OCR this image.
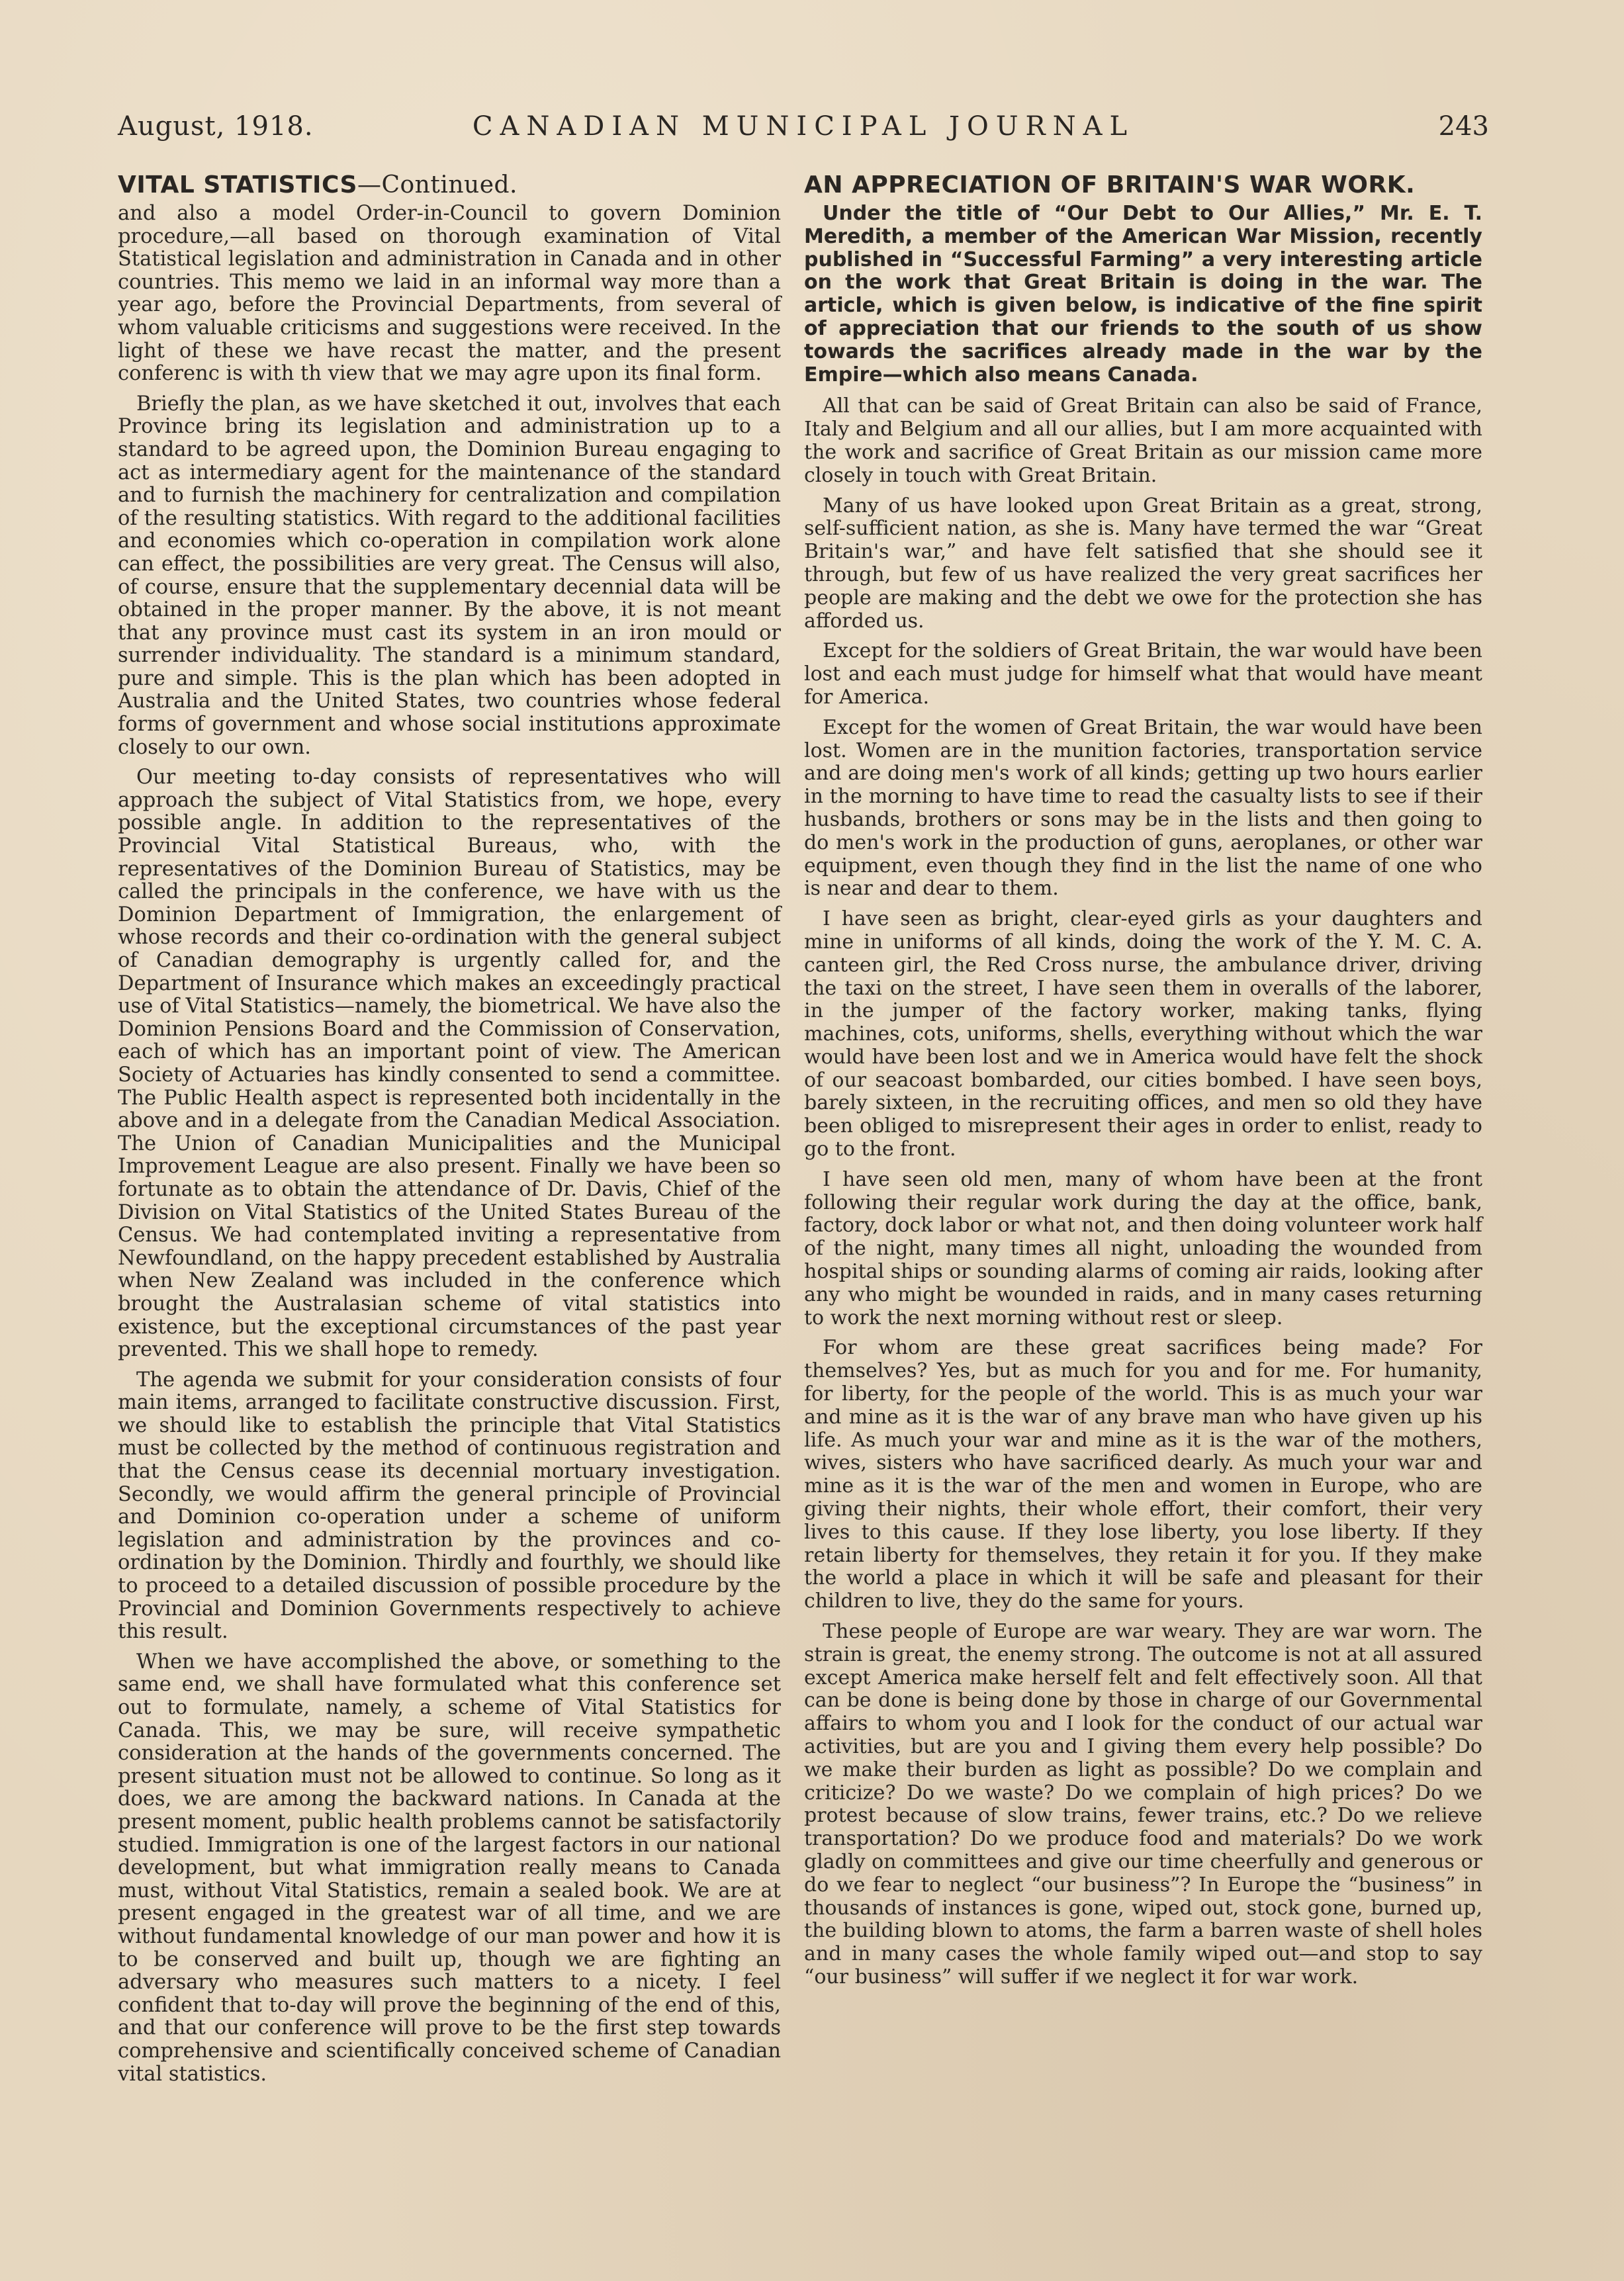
August, 1918.	CANADIAN MUNICIPAL JOURNAL	243
VITAL STATISTICS—Continued.

and also a model Order-in-Council to govern Dominion procedure,—all based on thorough examination of Vital Statistical legislation and administration in Canada and in other countries. This memo we laid in an informal way more than a year ago, before the Provincial Departments, from several of whom valuable criticisms and suggestions were received. In the light of these we have recast the matter, and the present conferenc is with th view that we may agre upon its final form.

Briefly the plan, as we have sketched it out, involves that each Province bring its legislation and administration up to a standard to be agreed upon, the Dominion Bureau engaging to act as intermediary agent for the maintenance of the standard and to furnish the machinery for centralization and compilation of the resulting statistics. With regard to the additional facilities and economies which co-operation in compilation work alone can effect, the possibilities are very great. The Census will also, of course, ensure that the supplementary decennial data will be obtained in the proper manner. By the above, it is not meant that any province must cast its system in an iron mould or surrender individuality. The standard is a minimum standard, pure and simple. This is the plan which has been adopted in Australia and the United States, two countries whose federal forms of government and whose social institutions approximate closely to our own.

Our meeting to-day consists of representatives who will approach the subject of Vital Statistics from, we hope, every possible angle. In addition to the representatives of the Provincial Vital Statistical Bureaus, who, with the representatives of the Dominion Bureau of Statistics, may be called the principals in the conference, we have with us the Dominion Department of Immigration, the enlargement of whose records and their co-ordination with the general subject of Canadian demography is urgently called for, and the Department of Insurance which makes an exceedingly practical use of Vital Statistics—namely, the biometrical. We have also the Dominion Pensions Board and the Commission of Conservation, each of which has an important point of view. The American Society of Actuaries has kindly consented to send a committee. The Public Health aspect is represented both incidentally in the above and in a delegate from the Canadian Medical Association. The Union of Canadian Municipalities and the Municipal Improvement League are also present. Finally we have been so fortunate as to obtain the attendance of Dr. Davis, Chief of the Division on Vital Statistics of the United States Bureau of the Census. We had contemplated inviting a representative from Newfoundland, on the happy precedent established by Australia when New Zealand was included in the conference which brought the Australasian scheme of vital statistics into existence, but the exceptional circumstances of the past year prevented. This we shall hope to remedy.

The agenda we submit for your consideration consists of four main items, arranged to facilitate constructive discussion. First, we should like to establish the principle that Vital Statistics must be collected by the method of continuous registration and that the Census cease its decennial mortuary investigation. Secondly, we would affirm the general principle of Provincial and Dominion co-operation under a scheme of uniform legislation and administration by the provinces and co-ordination by the Dominion. Thirdly and fourthly, we should like to proceed to a detailed discussion of possible procedure by the Provincial and Dominion Governments respectively to achieve this result.

When we have accomplished the above, or something to the same end, we shall have formulated what this conference set out to formulate, namely, a scheme of Vital Statistics for Canada. This, we may be sure, will receive sympathetic consideration at the hands of the governments concerned. The present situation must not be allowed to continue. So long as it does, we are among the backward nations. In Canada at the present moment, public health problems cannot be satisfactorily studied. Immigration is one of the largest factors in our national development, but what immigration really means to Canada must, without Vital Statistics, remain a sealed book. We are at present engaged in the greatest war of all time, and we are without fundamental knowledge of our man power and how it is to be conserved and built up, though we are fighting an adversary who measures such matters to a nicety. I feel confident that to-day will prove the beginning of the end of this, and that our conference will prove to be the first step towards comprehensive and scientifically conceived scheme of Canadian vital statistics.

AN APPRECIATION OF BRITAIN'S WAR WORK.

Under the title of “Our Debt to Our Allies,” Mr. E. T. Meredith, a member of the American War Mission, recently published in “Successful Farming” a very interesting article on the work that Great Britain is doing in the war. The article, which is given below, is indicative of the fine spirit of appreciation that our friends to the south of us show towards the sacrifices already made in the war by the Empire—which also means Canada.

All that can be said of Great Britain can also be said of France, Italy and Belgium and all our allies, but I am more acquainted with the work and sacrifice of Great Britain as our mission came more closely in touch with Great Britain.

Many of us have looked upon Great Britain as a great, strong, self-sufficient nation, as she is. Many have termed the war “Great Britain's war,” and have felt satisfied that she should see it through, but few of us have realized the very great sacrifices her people are making and the debt we owe for the protection she has afforded us.

Except for the soldiers of Great Britain, the war would have been lost and each must judge for himself what that would have meant for America.

Except for the women of Great Britain, the war would have been lost. Women are in the munition factories, transportation service and are doing men's work of all kinds; getting up two hours earlier in the morning to have time to read the casualty lists to see if their husbands, brothers or sons may be in the lists and then going to do men's work in the production of guns, aeroplanes, or other war equipment, even though they find in the list the name of one who is near and dear to them.

I have seen as bright, clear-eyed girls as your daughters and mine in uniforms of all kinds, doing the work of the Y. M. C. A. canteen girl, the Red Cross nurse, the ambulance driver, driving the taxi on the street, I have seen them in overalls of the laborer, in the jumper of the factory worker, making tanks, flying machines, cots, uniforms, shells, everything without which the war would have been lost and we in America would have felt the shock of our seacoast bombarded, our cities bombed. I have seen boys, barely sixteen, in the recruiting offices, and men so old they have been obliged to misrepresent their ages in order to enlist, ready to go to the front.

I have seen old men, many of whom have been at the front following their regular work during the day at the office, bank, factory, dock labor or what not, and then doing volunteer work half of the night, many times all night, unloading the wounded from hospital ships or sounding alarms of coming air raids, looking after any who might be wounded in raids, and in many cases returning to work the next morning without rest or sleep.

For whom are these great sacrifices being made? For themselves? Yes, but as much for you and for me. For humanity, for liberty, for the people of the world. This is as much your war and mine as it is the war of any brave man who have given up his life. As much your war and mine as it is the war of the mothers, wives, sisters who have sacrificed dearly. As much your war and mine as it is the war of the men and women in Europe, who are giving their nights, their whole effort, their comfort, their very lives to this cause. If they lose liberty, you lose liberty. If they retain liberty for themselves, they retain it for you. If they make the world a place in which it will be safe and pleasant for their children to live, they do the same for yours.

These people of Europe are war weary. They are war worn. The strain is great, the enemy strong. The outcome is not at all assured except America make herself felt and felt effectively soon. All that can be done is being done by those in charge of our Governmental affairs to whom you and I look for the conduct of our actual war activities, but are you and I giving them every help possible? Do we make their burden as light as possible? Do we complain and criticize? Do we waste? Do we complain of high prices? Do we protest because of slow trains, fewer trains, etc.? Do we relieve transportation? Do we produce food and materials? Do we work gladly on committees and give our time cheerfully and generous or do we fear to neglect “our business”? In Europe the “business” in thousands of instances is gone, wiped out, stock gone, burned up, the building blown to atoms, the farm a barren waste of shell holes and in many cases the whole family wiped out—and stop to say “our business” will suffer if we neglect it for war work.
